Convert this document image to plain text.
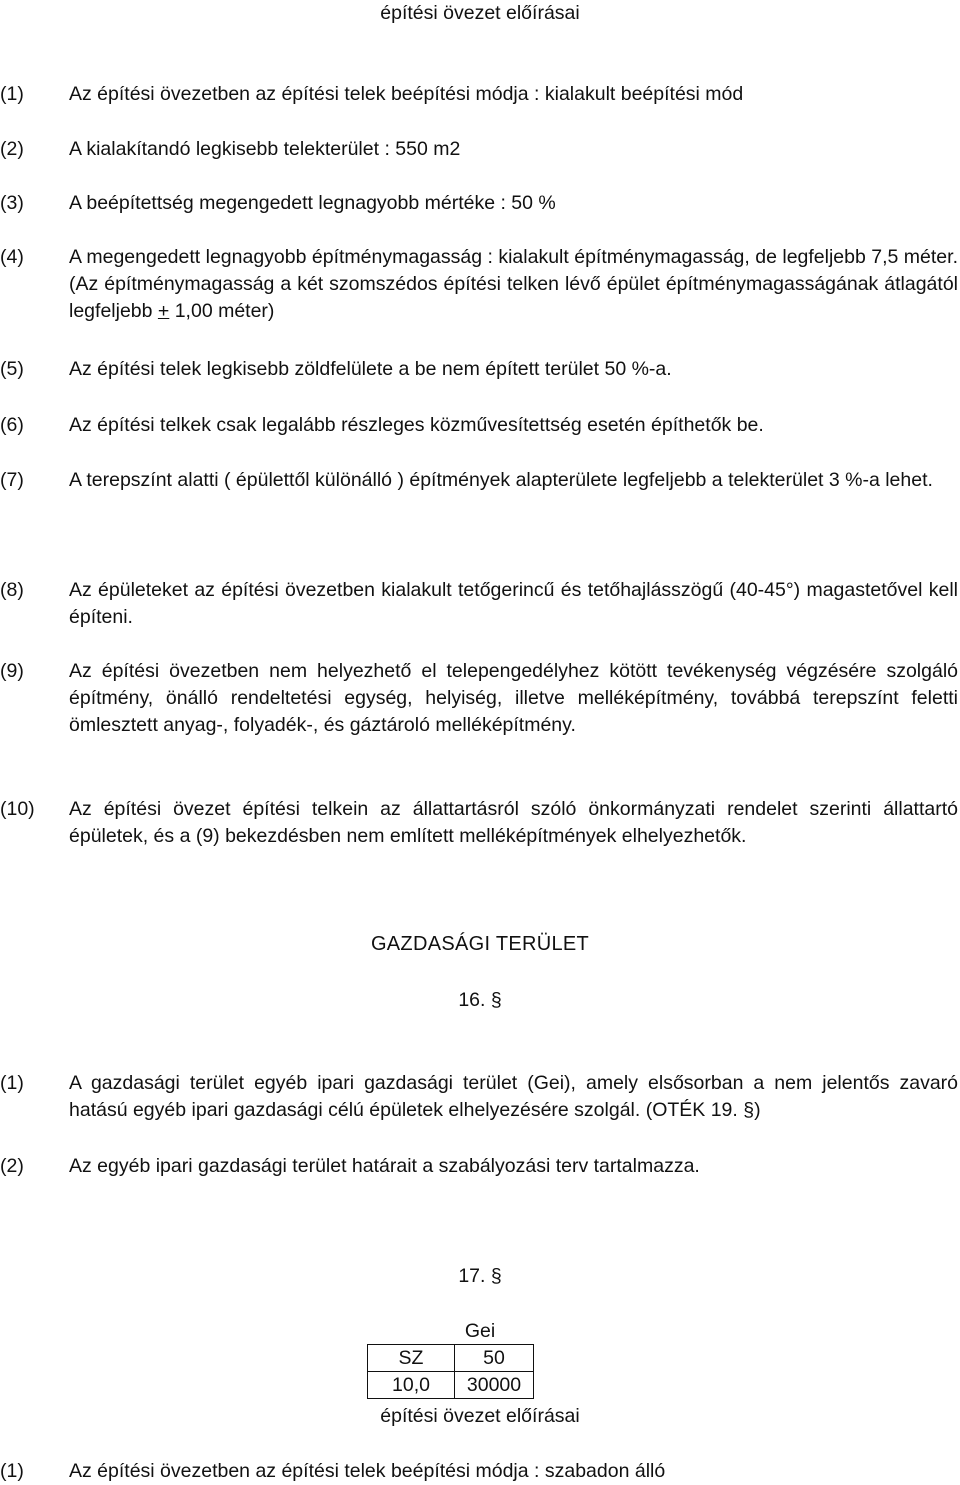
építési övezet előírásai
(1) Az építési övezetben az építési telek beépítési módja : kialakult beépítési mód
(2) A kialakítandó legkisebb telekterület : 550 m2
(3) A beépítettség megengedett legnagyobb mértéke : 50 %
(4) A megengedett legnagyobb építménymagasság : kialakult építménymagasság, de legfeljebb 7,5 méter. (Az építménymagasság a két szomszédos építési telken lévő épület építménymagasságának átlagától legfeljebb + 1,00 méter)
(5) Az építési telek legkisebb zöldfelülete a be nem épített terület 50 %-a.
(6) Az építési telkek csak legalább részleges közművesítettség esetén építhetők be.
(7) A terepszínt alatti ( épülettől különálló ) építmények alapterülete legfeljebb a telekterület 3 %-a lehet.
(8) Az épületeket az építési övezetben kialakult tetőgerincű és tetőhajlásszögű (40-45°) magastetővel kell építeni.
(9) Az építési övezetben nem helyezhető el telepengedélyhez kötött tevékenység végzésére szolgáló építmény, önálló rendeltetési egység, helyiség, illetve melléképítmény, továbbá terepszínt feletti ömlesztett anyag-, folyadék-, és gáztároló melléképítmény.
(10) Az építési övezet építési telkein az állattartásról szóló önkormányzati rendelet szerinti állattartó épületek, és a (9) bekezdésben nem említett melléképítmények elhelyezhetők.
GAZDASÁGI TERÜLET
16. §
(1) A gazdasági terület egyéb ipari gazdasági terület (Gei), amely elsősorban a nem jelentős zavaró hatású egyéb ipari gazdasági célú épületek elhelyezésére szolgál. (OTÉK 19. §)
(2) Az egyéb ipari gazdasági terület határait a szabályozási terv tartalmazza.
17. §
Gei
SZ	50
10,0	30000
építési övezet előírásai
(1) Az építési övezetben az építési telek beépítési módja : szabadon álló
